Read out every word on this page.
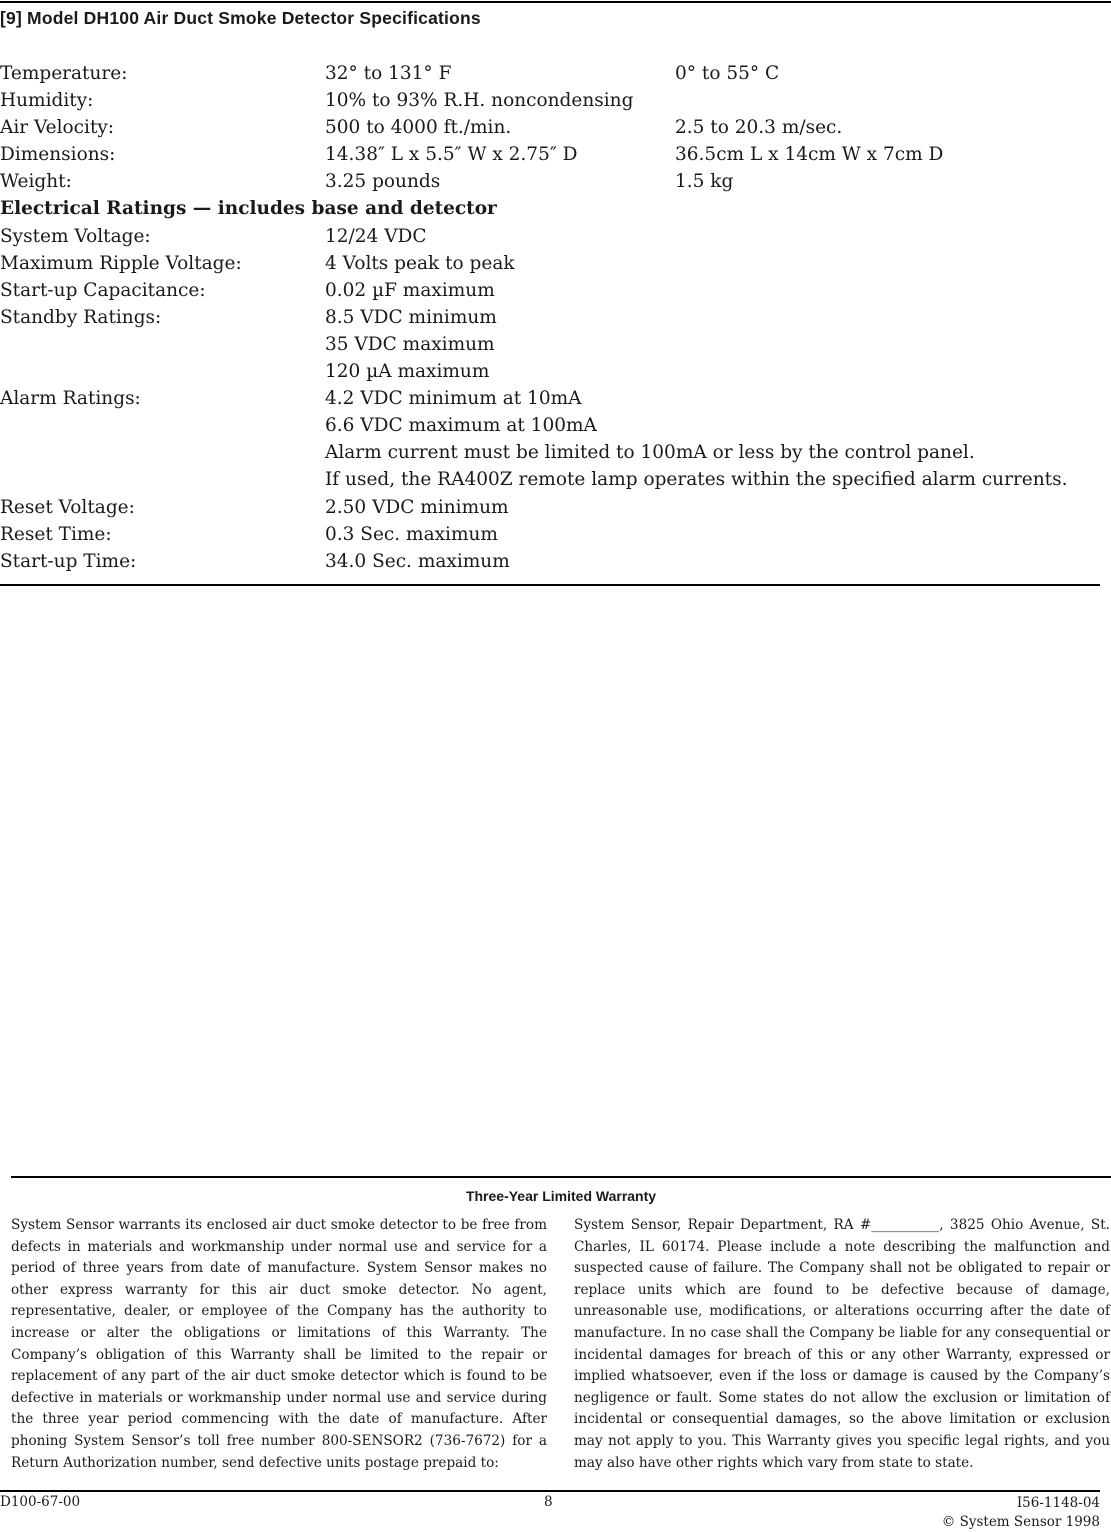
[9] Model DH100 Air Duct Smoke Detector Specifications
Temperature:	32° to 131° F	0° to 55° C
Humidity:	10% to 93% R.H. noncondensing
Air Velocity:	500 to 4000 ft./min.	2.5 to 20.3 m/sec.
Dimensions:	14.38″ L x 5.5″ W x 2.75″ D	36.5cm L x 14cm W x 7cm D
Weight:	3.25 pounds	1.5 kg
Electrical Ratings — includes base and detector
System Voltage:	12/24 VDC
Maximum Ripple Voltage:	4 Volts peak to peak
Start-up Capacitance:	0.02 µF maximum
Standby Ratings:	8.5 VDC minimum
35 VDC maximum
120 µA maximum
Alarm Ratings:	4.2 VDC minimum at 10mA
6.6 VDC maximum at 100mA
Alarm current must be limited to 100mA or less by the control panel.
If used, the RA400Z remote lamp operates within the specified alarm currents.
Reset Voltage:	2.50 VDC minimum
Reset Time:	0.3 Sec. maximum
Start-up Time:	34.0 Sec. maximum
Three-Year Limited Warranty

System Sensor warrants its enclosed air duct smoke detector to be free from defects in materials and workmanship under normal use and service for a period of three years from date of manufacture. System Sensor makes no other express warranty for this air duct smoke detector. No agent, representative, dealer, or employee of the Company has the authority to increase or alter the obligations or limitations of this Warranty. The Company’s obligation of this Warranty shall be limited to the repair or replacement of any part of the air duct smoke detector which is found to be defective in materials or workmanship under normal use and service during the three year period commencing with the date of manufacture. After phoning System Sensor’s toll free number 800-SENSOR2 (736-7672) for a Return Authorization number, send defective units postage prepaid to:

System Sensor, Repair Department, RA #__________, 3825 Ohio Avenue, St. Charles, IL 60174. Please include a note describing the malfunction and suspected cause of failure. The Company shall not be obligated to repair or replace units which are found to be defective because of damage, unreasonable use, modifications, or alterations occurring after the date of manufacture. In no case shall the Company be liable for any consequential or incidental damages for breach of this or any other Warranty, expressed or implied whatsoever, even if the loss or damage is caused by the Company’s negligence or fault. Some states do not allow the exclusion or limitation of incidental or consequential damages, so the above limitation or exclusion may not apply to you. This Warranty gives you specific legal rights, and you may also have other rights which vary from state to state.

D100-67-00	8	I56-1148-04
© System Sensor 1998
